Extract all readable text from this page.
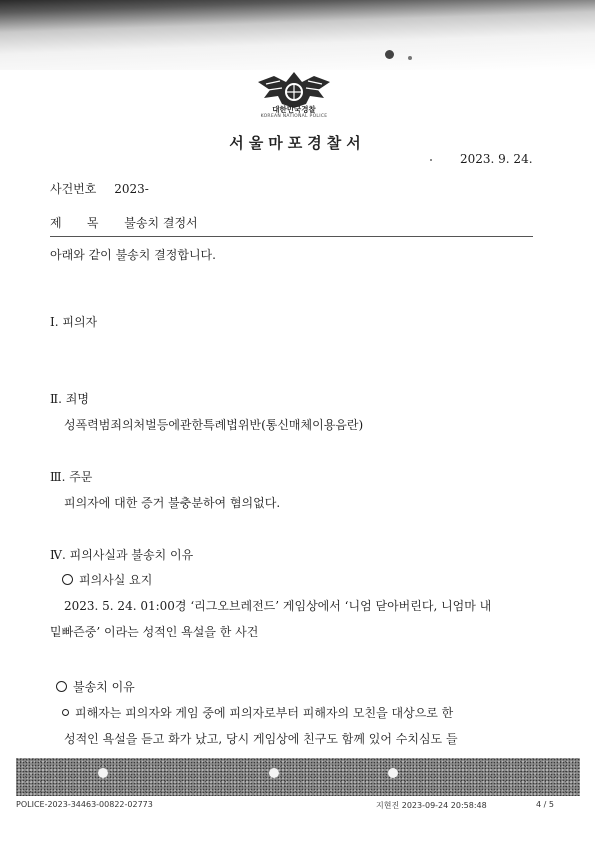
대한민국경찰
KOREAN NATIONAL POLICE
서울마포경찰서
2023. 9. 24.
사건번호 2023-
제    목 불송치 결정서
아래와 같이 불송치 결정합니다.
Ⅰ. 피의자
Ⅱ. 죄명
성폭력범죄의처벌등에관한특례법위반(통신매체이용음란)
Ⅲ. 주문
피의자에 대한 증거 불충분하여 혐의없다.
Ⅳ. 피의사실과 불송치 이유
피의사실 요지
2023. 5. 24. 01:00경 ‘리그오브레전드’ 게임상에서 ‘니엄 닫아버린다, 니엄마 내
밑빠즌중’ 이라는 성적인 욕설을 한 사건
불송치 이유
피해자는 피의자와 게임 중에 피의자로부터 피해자의 모친을 대상으로 한
성적인 욕설을 듣고 화가 났고, 당시 게임상에 친구도 함께 있어 수치심도 들
POLICE-2023-34463-00822-02773	지현진 2023-09-24 20:58:48	4 / 5
